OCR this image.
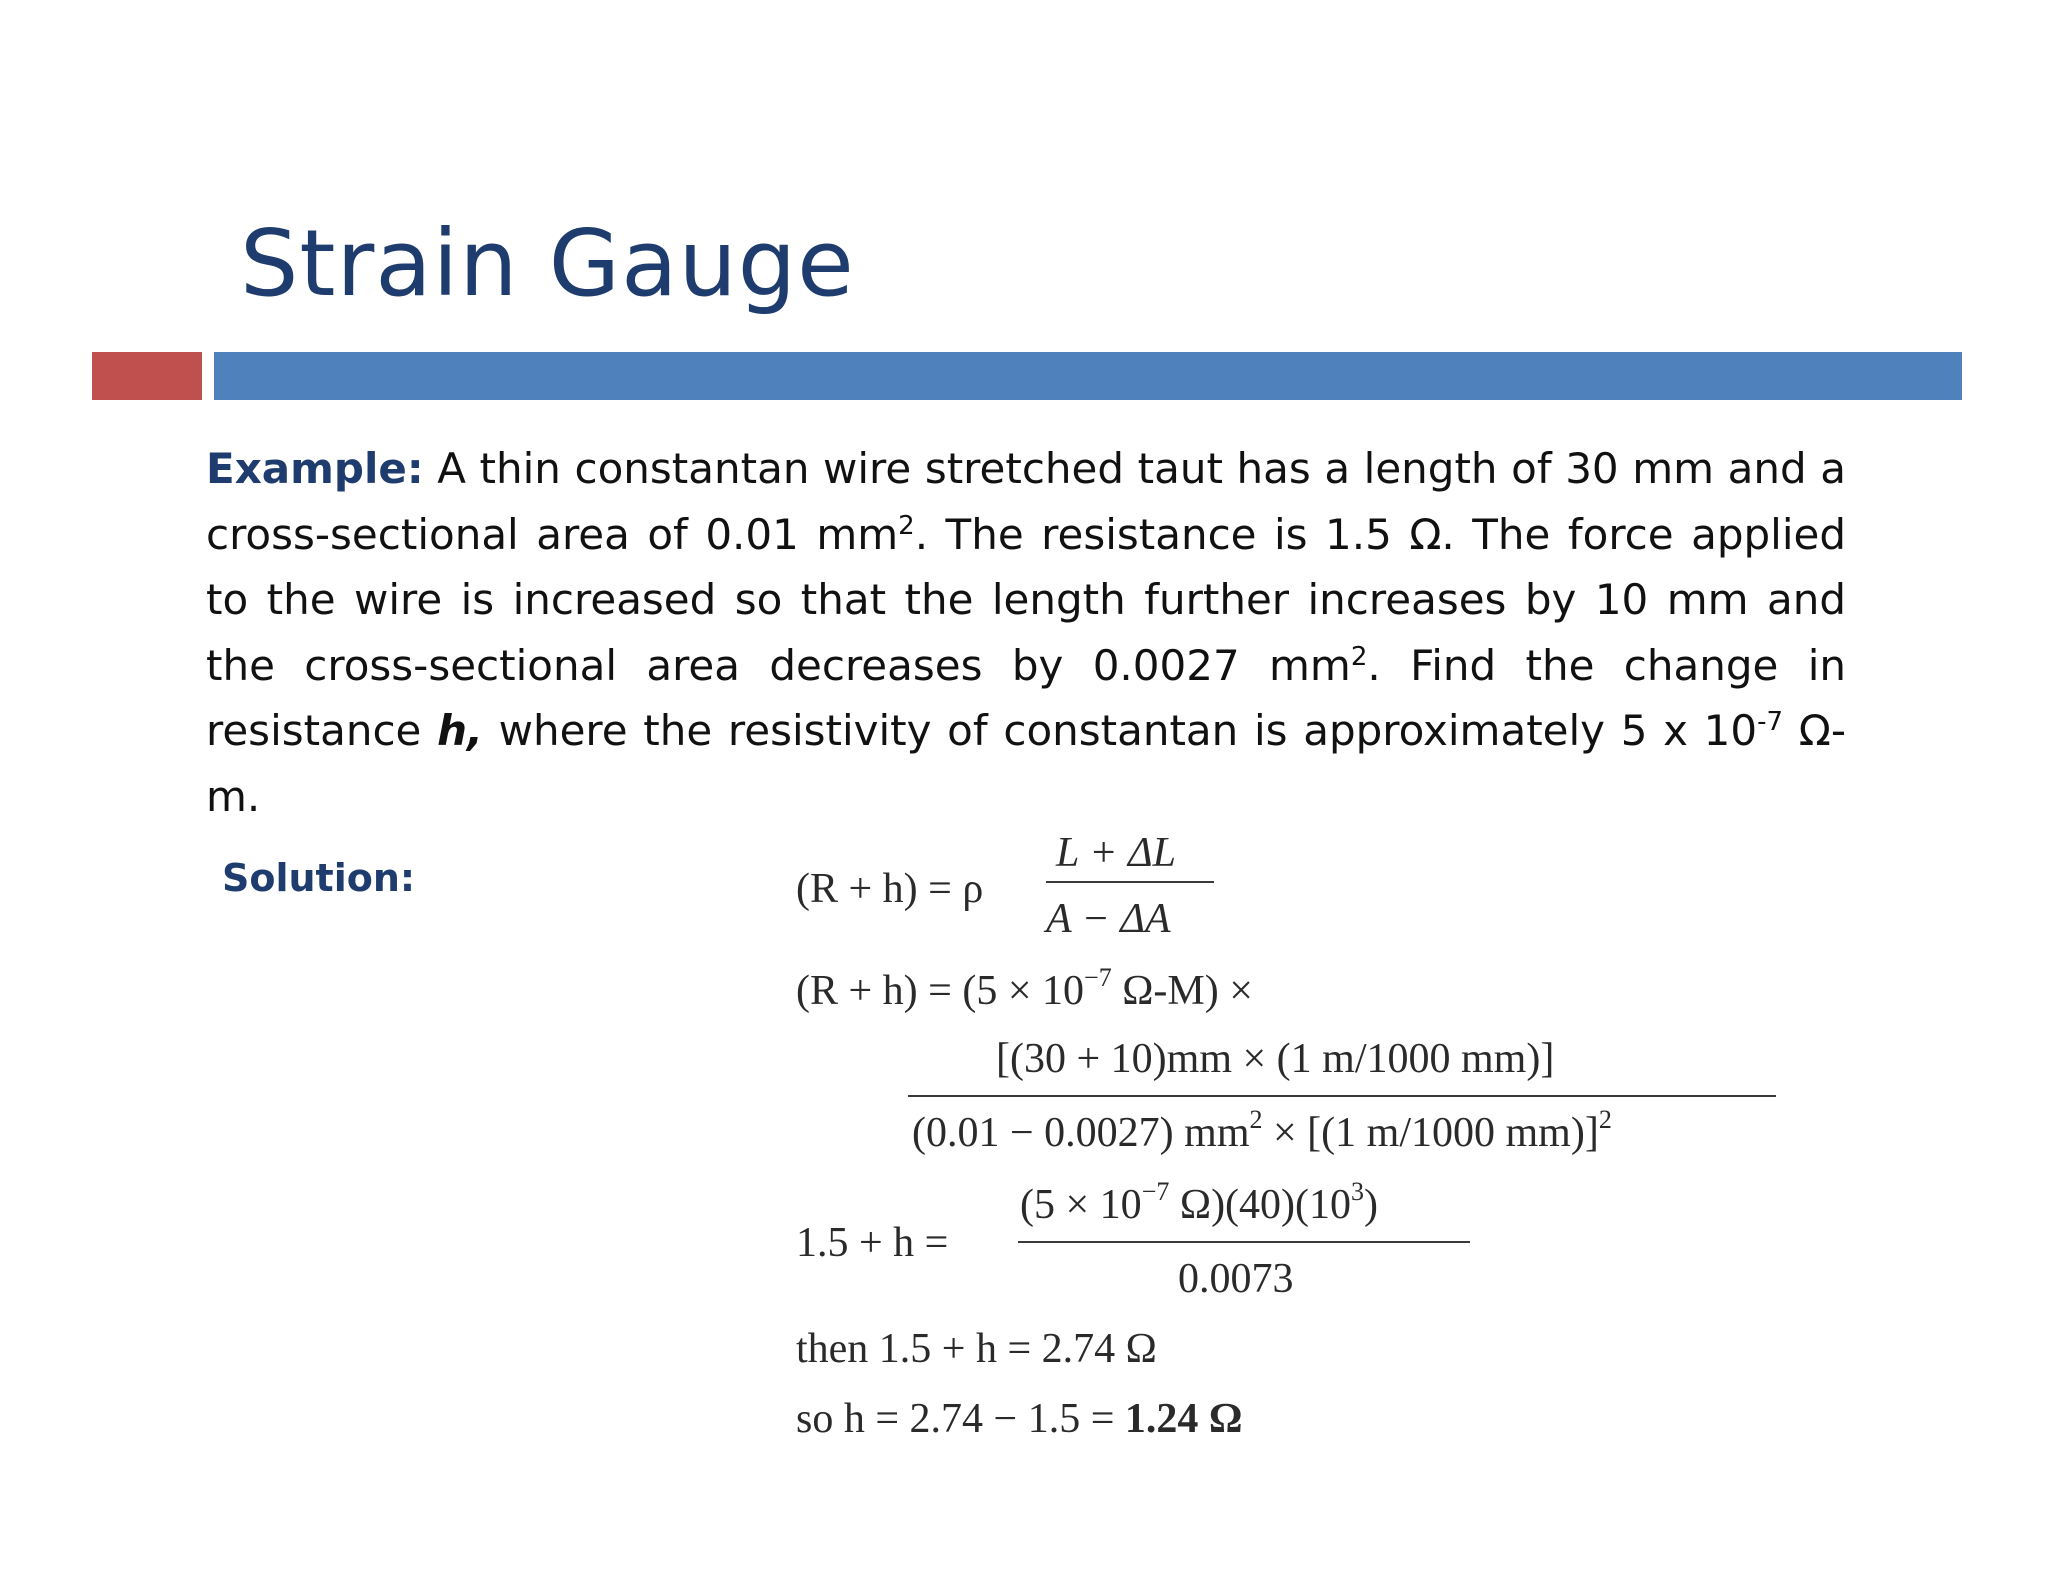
Strain Gauge
Example: A thin constantan wire stretched taut has a length of 30 mm and a cross-sectional area of 0.01 $mm^2$. The resistance is 1.5 Ω. The force applied to the wire is increased so that the length further increases by 10 mm and the cross-sectional area decreases by 0.0027 $mm^2$. Find the change in resistance h, where the resistivity of constantan is approximately 5 x $10^{-7}$ Ω-m.
Solution:	(R + h) = ρ
L + ΔL
A − ΔA
$(R + h) = (5 \times 10^{-7}$ Ω-M) ×
[(30 + 10)mm × (1 m/1000 mm)]
(0.01 − 0.0027) $mm^2 \times [(1$ m/1000 mm)]$^2$
1.5 + h =
($5 \times 10^{-7}$ $\Omega)(40)(10^3)$
0.0073
then 1.5 + h = 2.74 Ω
so h = 2.74 − 1.5 = 1.24 Ω
